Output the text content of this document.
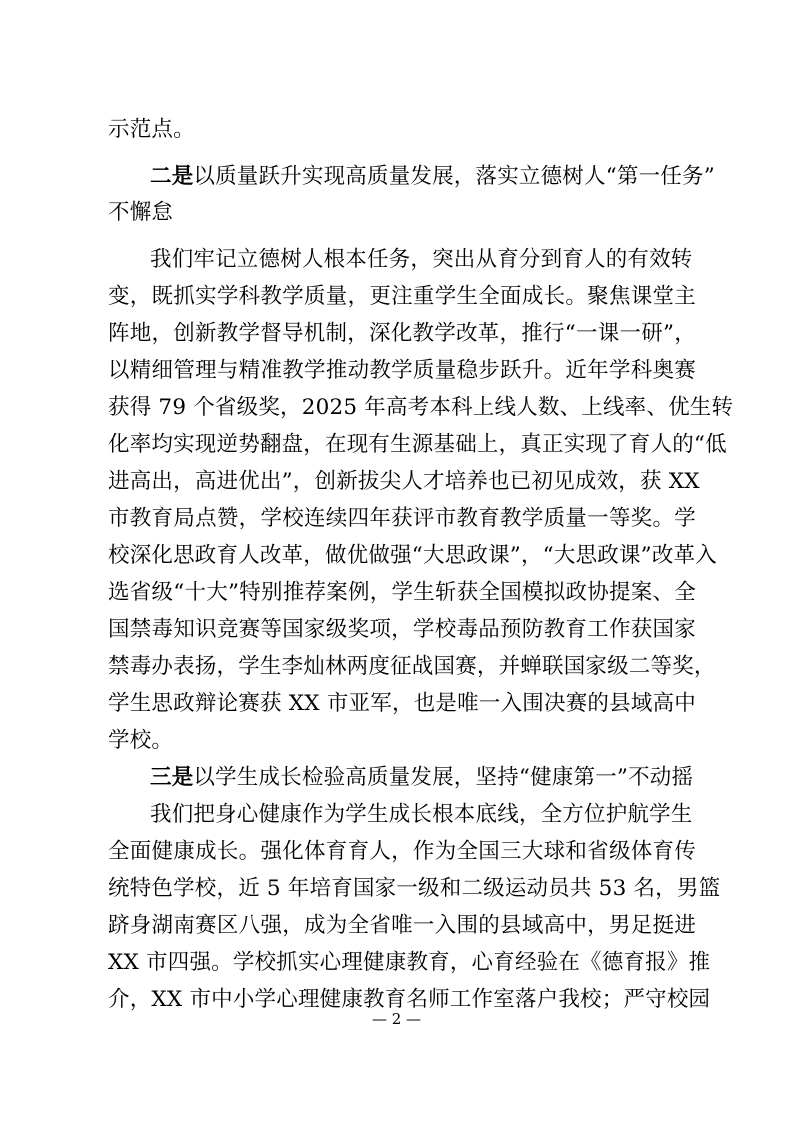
示范点。
二是以质量跃升实现高质量发展，落实立德树人“第一任务”
不懈怠
我们牢记立德树人根本任务，突出从育分到育人的有效转
变，既抓实学科教学质量，更注重学生全面成长。聚焦课堂主
阵地，创新教学督导机制，深化教学改革，推行“一课一研”，
以精细管理与精准教学推动教学质量稳步跃升。近年学科奥赛
获得 79 个省级奖，2025 年高考本科上线人数、上线率、优生转
化率均实现逆势翻盘，在现有生源基础上，真正实现了育人的“低
进高出，高进优出”，创新拔尖人才培养也已初见成效，获 XX
市教育局点赞，学校连续四年获评市教育教学质量一等奖。学
校深化思政育人改革，做优做强“大思政课”，“大思政课”改革入
选省级“十大”特别推荐案例，学生斩获全国模拟政协提案、全
国禁毒知识竞赛等国家级奖项，学校毒品预防教育工作获国家
禁毒办表扬，学生李灿林两度征战国赛，并蝉联国家级二等奖，
学生思政辩论赛获 XX 市亚军，也是唯一入围决赛的县域高中
学校。
三是以学生成长检验高质量发展，坚持“健康第一”不动摇
我们把身心健康作为学生成长根本底线，全方位护航学生
全面健康成长。强化体育育人，作为全国三大球和省级体育传
统特色学校，近 5 年培育国家一级和二级运动员共 53 名，男篮
跻身湖南赛区八强，成为全省唯一入围的县域高中，男足挺进
XX 市四强。学校抓实心理健康教育，心育经验在《德育报》推
介，XX 市中小学心理健康教育名师工作室落户我校；严守校园
— 2 —
